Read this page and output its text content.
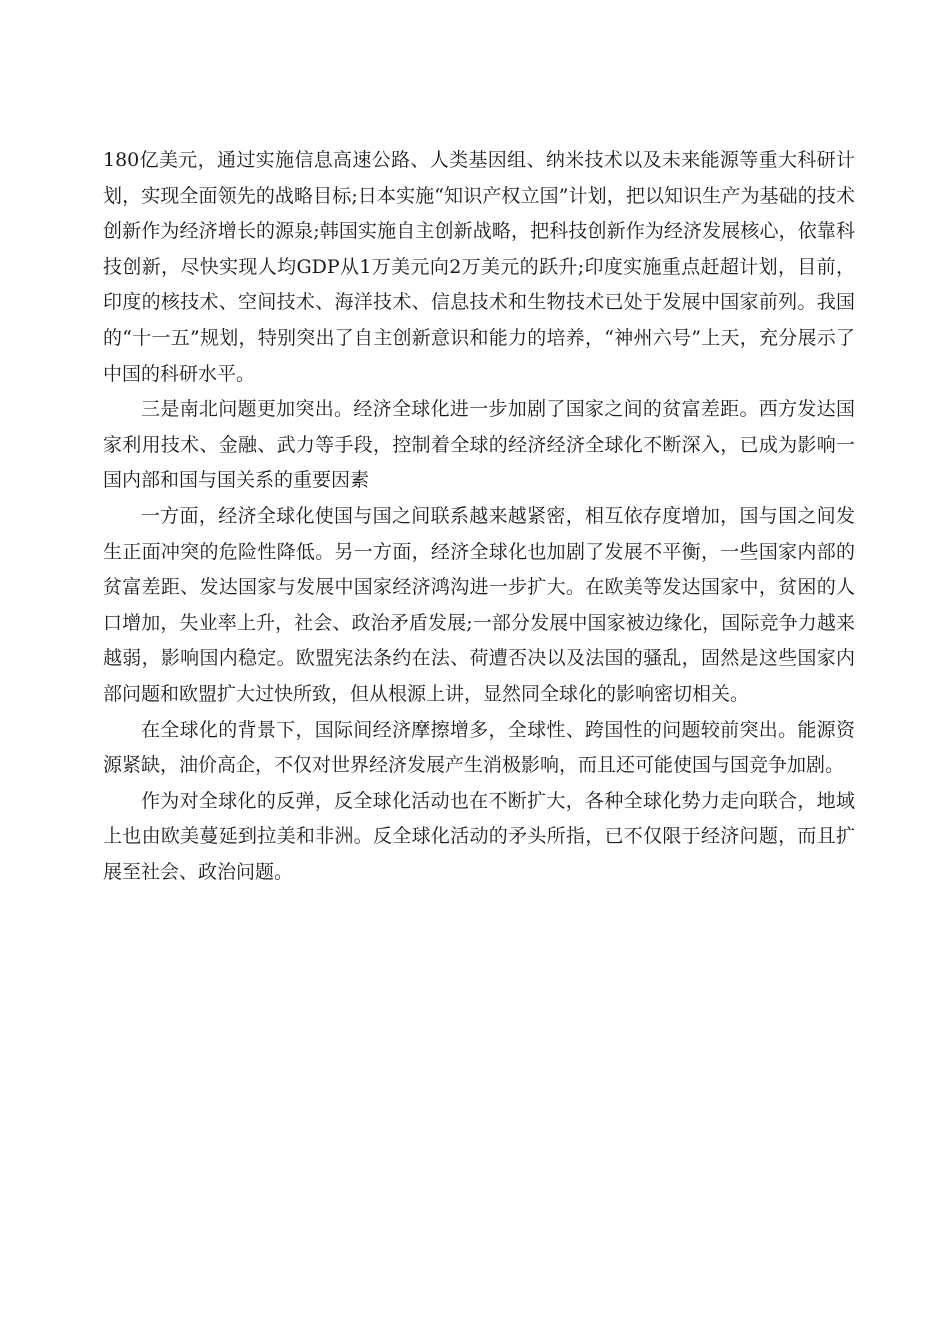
180亿美元，通过实施信息高速公路、人类基因组、纳米技术以及未来能源等重大科研计划，实现全面领先的战略目标;日本实施“知识产权立国”计划，把以知识生产为基础的技术创新作为经济增长的源泉;韩国实施自主创新战略，把科技创新作为经济发展核心，依靠科技创新，尽快实现人均GDP从1万美元向2万美元的跃升;印度实施重点赶超计划，目前，印度的核技术、空间技术、海洋技术、信息技术和生物技术已处于发展中国家前列。我国的“十一五”规划，特别突出了自主创新意识和能力的培养，“神州六号”上天，充分展示了中国的科研水平。

三是南北问题更加突出。经济全球化进一步加剧了国家之间的贫富差距。西方发达国家利用技术、金融、武力等手段，控制着全球的经济经济全球化不断深入，已成为影响一国内部和国与国关系的重要因素

一方面，经济全球化使国与国之间联系越来越紧密，相互依存度增加，国与国之间发生正面冲突的危险性降低。另一方面，经济全球化也加剧了发展不平衡，一些国家内部的贫富差距、发达国家与发展中国家经济鸿沟进一步扩大。在欧美等发达国家中，贫困的人口增加，失业率上升，社会、政治矛盾发展;一部分发展中国家被边缘化，国际竞争力越来越弱，影响国内稳定。欧盟宪法条约在法、荷遭否决以及法国的骚乱，固然是这些国家内部问题和欧盟扩大过快所致，但从根源上讲，显然同全球化的影响密切相关。

在全球化的背景下，国际间经济摩擦增多，全球性、跨国性的问题较前突出。能源资源紧缺，油价高企，不仅对世界经济发展产生消极影响，而且还可能使国与国竞争加剧。

作为对全球化的反弹，反全球化活动也在不断扩大，各种全球化势力走向联合，地域上也由欧美蔓延到拉美和非洲。反全球化活动的矛头所指，已不仅限于经济问题，而且扩展至社会、政治问题。
